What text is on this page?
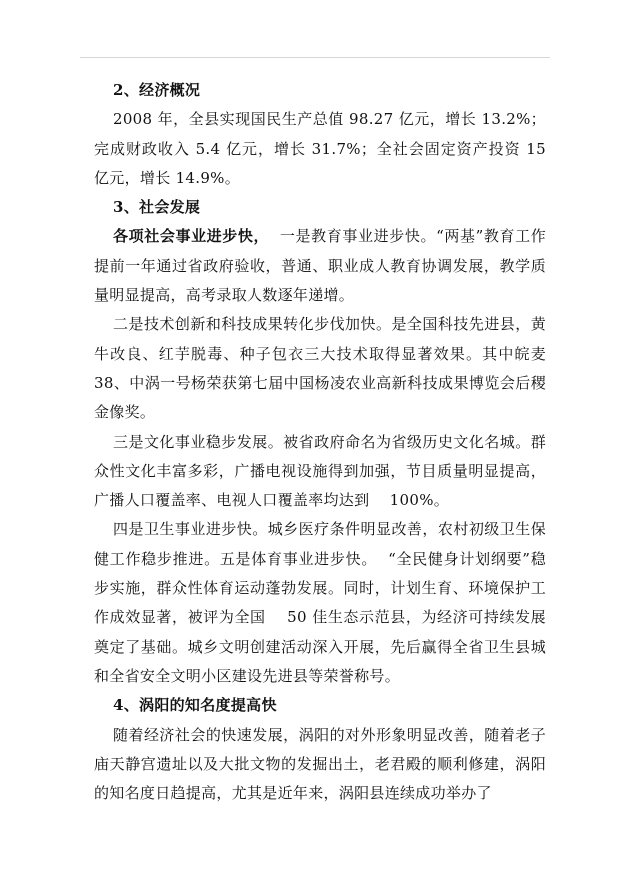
2、经济概况

2008 年，全县实现国民生产总值 98.27 亿元，增长 13.2%；完成财政收入 5.4 亿元，增长 31.7%；全社会固定资产投资 15 亿元，增长 14.9%。

3、社会发展

各项社会事业进步快，  一是教育事业进步快。“两基”教育工作提前一年通过省政府验收，普通、职业成人教育协调发展，教学质量明显提高，高考录取人数逐年递增。

二是技术创新和科技成果转化步伐加快。是全国科技先进县，黄牛改良、红芋脱毒、种子包衣三大技术取得显著效果。其中皖麦 38、中涡一号杨荣获第七届中国杨凌农业高新科技成果博览会后稷金像奖。

三是文化事业稳步发展。被省政府命名为省级历史文化名城。群众性文化丰富多彩，广播电视设施得到加强，节目质量明显提高，广播人口覆盖率、电视人口覆盖率均达到    100%。

四是卫生事业进步快。城乡医疗条件明显改善，农村初级卫生保健工作稳步推进。五是体育事业进步快。  “全民健身计划纲要”稳步实施，群众性体育运动蓬勃发展。同时，计划生育、环境保护工作成效显著，被评为全国    50 佳生态示范县，为经济可持续发展奠定了基础。城乡文明创建活动深入开展，先后赢得全省卫生县城和全省安全文明小区建设先进县等荣誉称号。

4、涡阳的知名度提高快

随着经济社会的快速发展，涡阳的对外形象明显改善，随着老子庙天静宫遗址以及大批文物的发掘出土，老君殿的顺利修建，涡阳的知名度日趋提高，尤其是近年来，涡阳县连续成功举办了
